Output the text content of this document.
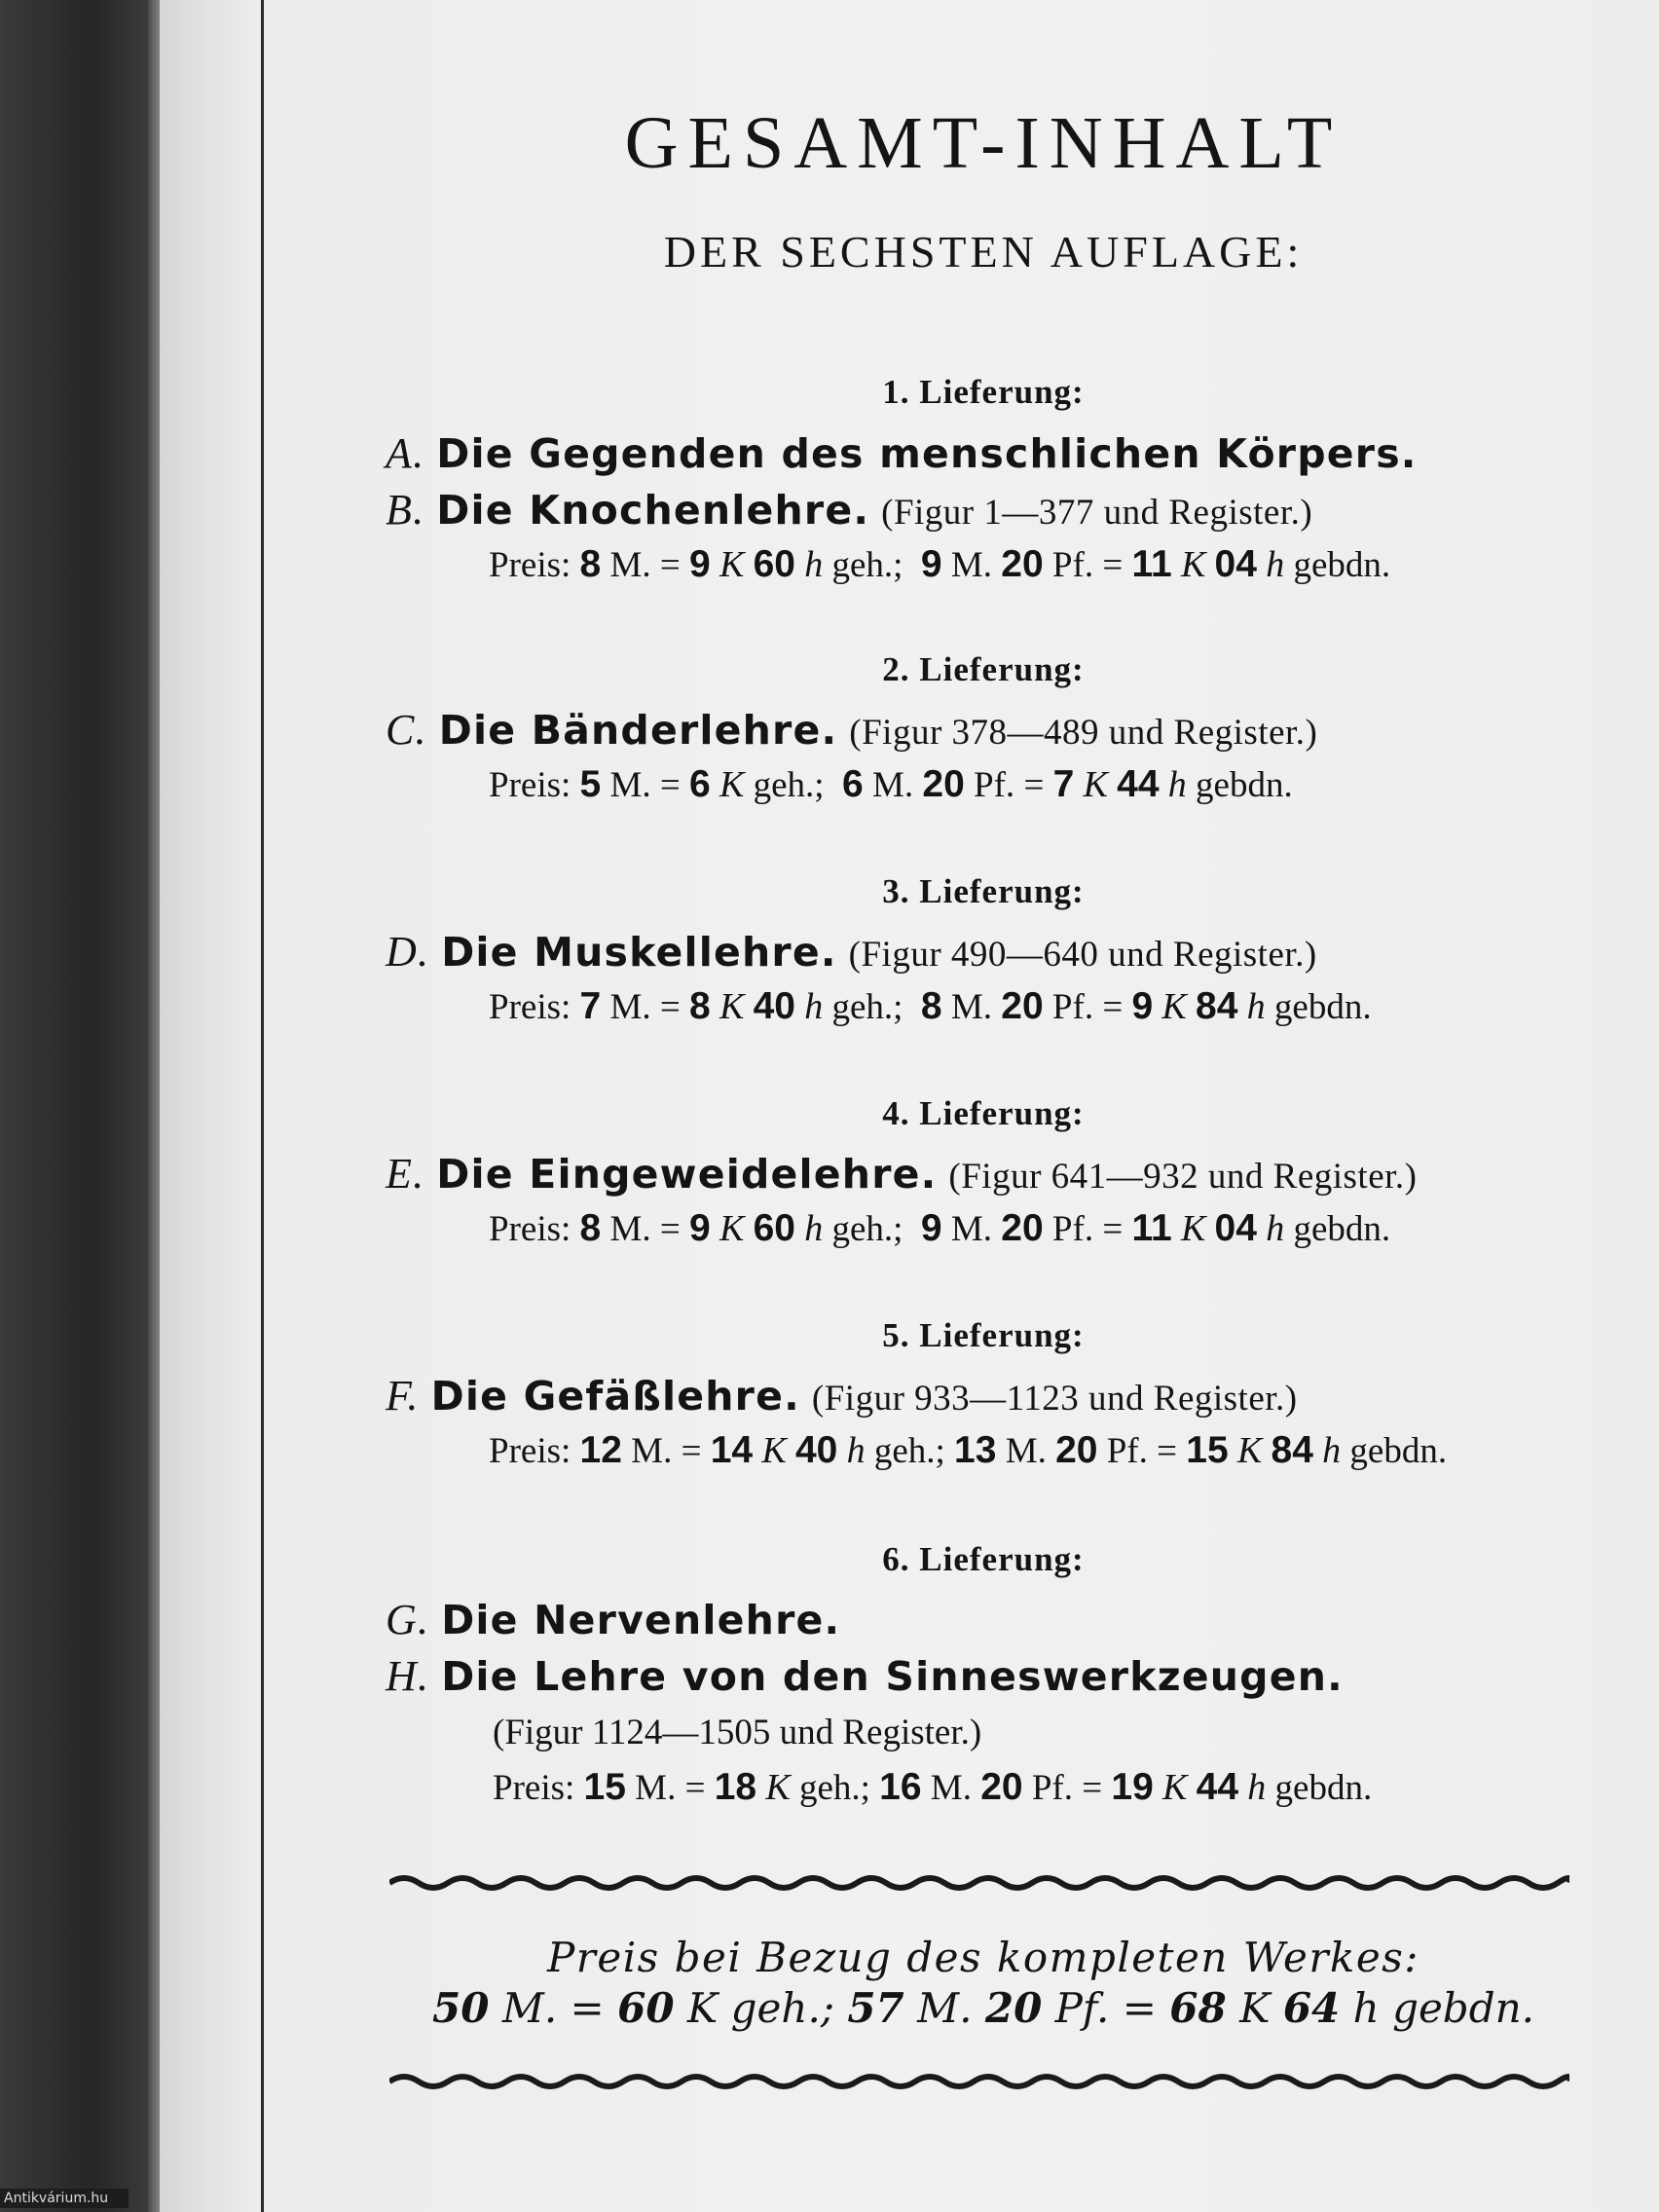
Antikvárium.hu
GESAMT-INHALT
DER SECHSTEN AUFLAGE:
1. Lieferung:
A. Die Gegenden des menschlichen Körpers.
B. Die Knochenlehre. (Figur 1—377 und Register.)
Preis: 8 M. = 9 K 60 h geh.; 9 M. 20 Pf. = 11 K 04 h gebdn.
2. Lieferung:
C. Die Bänderlehre. (Figur 378—489 und Register.)
Preis: 5 M. = 6 K geh.; 6 M. 20 Pf. = 7 K 44 h gebdn.
3. Lieferung:
D. Die Muskellehre. (Figur 490—640 und Register.)
Preis: 7 M. = 8 K 40 h geh.; 8 M. 20 Pf. = 9 K 84 h gebdn.
4. Lieferung:
E. Die Eingeweidelehre. (Figur 641—932 und Register.)
Preis: 8 M. = 9 K 60 h geh.; 9 M. 20 Pf. = 11 K 04 h gebdn.
5. Lieferung:
F. Die Gefäßlehre. (Figur 933—1123 und Register.)
Preis: 12 M. = 14 K 40 h geh.; 13 M. 20 Pf. = 15 K 84 h gebdn.
6. Lieferung:
G. Die Nervenlehre.
H. Die Lehre von den Sinneswerkzeugen.
(Figur 1124—1505 und Register.)
Preis: 15 M. = 18 K geh.; 16 M. 20 Pf. = 19 K 44 h gebdn.
Preis bei Bezug des kompleten Werkes:
50 M. = 60 K geh.; 57 M. 20 Pf. = 68 K 64 h gebdn.
